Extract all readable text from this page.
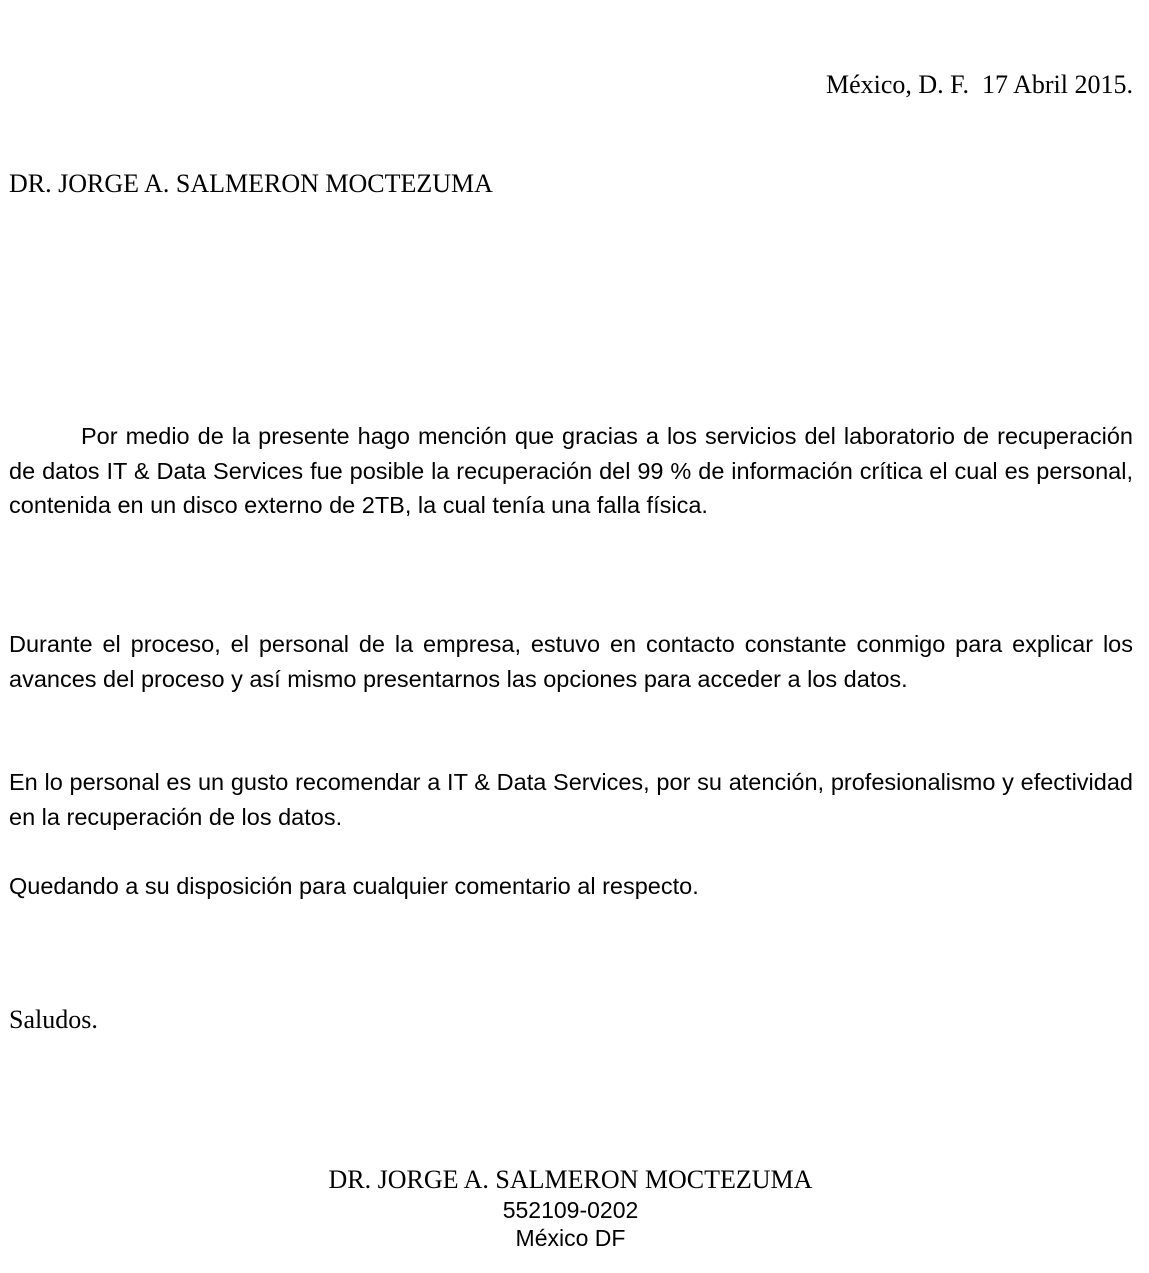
México, D. F.  17 Abril 2015.
DR. JORGE A. SALMERON MOCTEZUMA

Por medio de la presente hago mención que gracias a los servicios del laboratorio de recuperación de datos IT & Data Services fue posible la recuperación del 99 % de información crítica el cual es personal, contenida en un disco externo de 2TB, la cual tenía una falla física.

Durante el proceso, el personal de la empresa, estuvo en contacto constante conmigo para explicar los avances del proceso y así mismo presentarnos las opciones para acceder a los datos.

En lo personal es un gusto recomendar a IT & Data Services, por su atención, profesionalismo y efectividad en la recuperación de los datos.

Quedando a su disposición para cualquier comentario al respecto.

Saludos.
DR. JORGE A. SALMERON MOCTEZUMA
552109-0202
México DF
